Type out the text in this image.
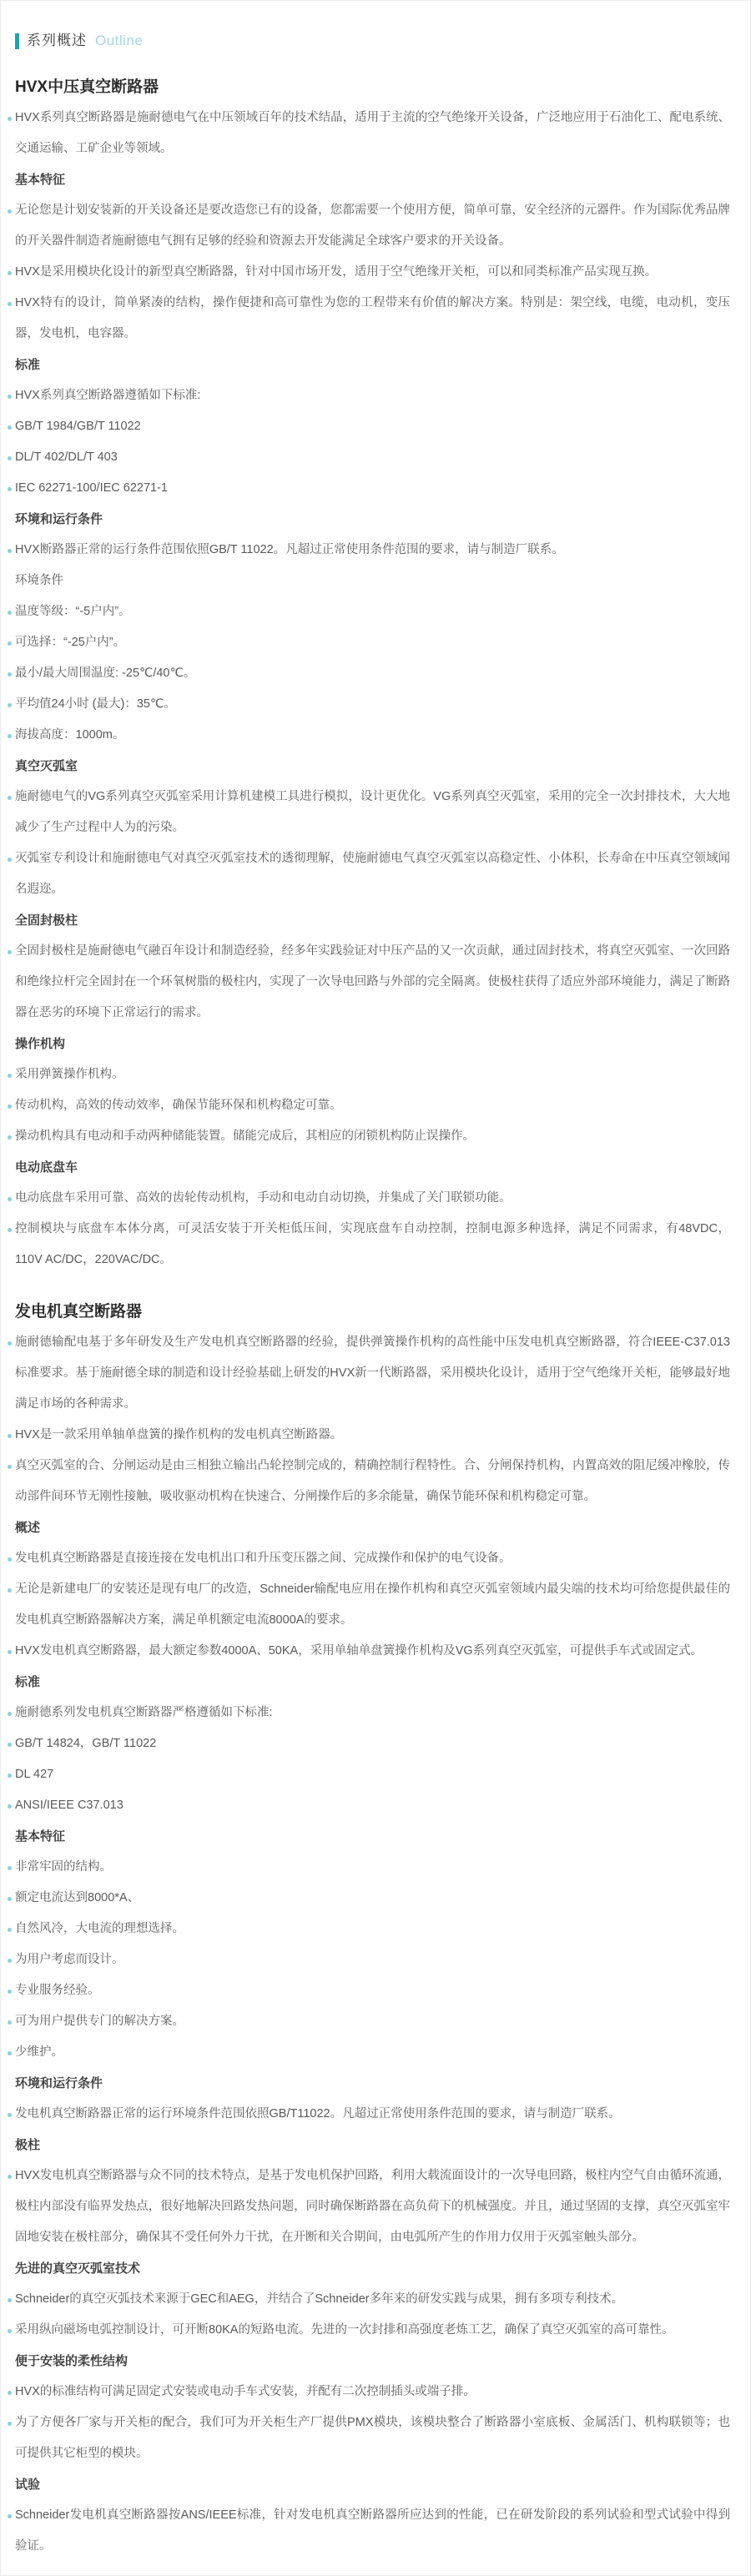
系列概述 Outline

HVX中压真空断路器

HVX系列真空断路器是施耐德电气在中压领域百年的技术结晶，适用于主流的空气绝缘开关设备，广泛地应用于石油化工、配电系统、交通运输、工矿企业等领域。

基本特征

无论您是计划安装新的开关设备还是要改造您已有的设备，您都需要一个使用方便，简单可靠，安全经济的元器件。作为国际优秀品牌的开关器件制造者施耐德电气拥有足够的经验和资源去开发能满足全球客户要求的开关设备。

HVX是采用模块化设计的新型真空断路器，针对中国市场开发，适用于空气绝缘开关柜，可以和同类标准产品实现互换。

HVX特有的设计，简单紧凑的结构，操作便捷和高可靠性为您的工程带来有价值的解决方案。特别是：架空线，电缆，电动机，变压器，发电机，电容器。

标准

HVX系列真空断路器遵循如下标准:

GB/T 1984/GB/T 11022

DL/T 402/DL/T 403

IEC 62271-100/IEC 62271-1

环境和运行条件

HVX断路器正常的运行条件范围依照GB/T 11022。凡超过正常使用条件范围的要求，请与制造厂联系。

环境条件

温度等级：“-5户内”。

可选择：“-25户内”。

最小/最大周围温度: -25℃/40℃。

平均值24小时 (最大)：35℃。

海拔高度：1000m。

真空灭弧室

施耐德电气的VG系列真空灭弧室采用计算机建模工具进行模拟，设计更优化。VG系列真空灭弧室，采用的完全一次封排技术，大大地减少了生产过程中人为的污染。

灭弧室专利设计和施耐德电气对真空灭弧室技术的透彻理解，使施耐德电气真空灭弧室以高稳定性、小体积，长寿命在中压真空领域闻名遐迩。

全固封极柱

全固封极柱是施耐德电气融百年设计和制造经验，经多年实践验证对中压产品的又一次贡献，通过固封技术，将真空灭弧室、一次回路和绝缘拉杆完全固封在一个环氧树脂的极柱内，实现了一次导电回路与外部的完全隔离。使极柱获得了适应外部环境能力，满足了断路器在恶劣的环境下正常运行的需求。

操作机构

采用弹簧操作机构。

传动机构，高效的传动效率，确保节能环保和机构稳定可靠。

操动机构具有电动和手动两种储能装置。储能完成后，其相应的闭锁机构防止误操作。

电动底盘车

电动底盘车采用可靠、高效的齿轮传动机构，手动和电动自动切换，并集成了关门联锁功能。

控制模块与底盘车本体分离，可灵活安装于开关柜低压间，实现底盘车自动控制，控制电源多种选择，满足不同需求，有48VDC，110V AC/DC，220VAC/DC。

发电机真空断路器

施耐德输配电基于多年研发及生产发电机真空断路器的经验，提供弹簧操作机构的高性能中压发电机真空断路器，符合IEEE-C37.013标准要求。基于施耐德全球的制造和设计经验基础上研发的HVX新一代断路器，采用模块化设计，适用于空气绝缘开关柜，能够最好地满足市场的各种需求。

HVX是一款采用单轴单盘簧的操作机构的发电机真空断路器。

真空灭弧室的合、分闸运动是由三相独立输出凸轮控制完成的，精确控制行程特性。合、分闸保持机构，内置高效的阻尼缓冲橡胶，传动部件间环节无刚性接触，吸收驱动机构在快速合、分闸操作后的多余能量，确保节能环保和机构稳定可靠。

概述

发电机真空断路器是直接连接在发电机出口和升压变压器之间、完成操作和保护的电气设备。

无论是新建电厂的安装还是现有电厂的改造，Schneider输配电应用在操作机构和真空灭弧室领域内最尖端的技术均可给您提供最佳的发电机真空断路器解决方案，满足单机额定电流8000A的要求。

HVX发电机真空断路器，最大额定参数4000A、50KA，采用单轴单盘簧操作机构及VG系列真空灭弧室，可提供手车式或固定式。

标准

施耐德系列发电机真空断路器严格遵循如下标准:

GB/T 14824，GB/T 11022

DL 427

ANSI/IEEE C37.013

基本特征

非常牢固的结构。

额定电流达到8000*A、

自然风冷，大电流的理想选择。

为用户考虑而设计。

专业服务经验。

可为用户提供专门的解决方案。

少维护。

环境和运行条件

发电机真空断路器正常的运行环境条件范围依照GB/T11022。凡超过正常使用条件范围的要求，请与制造厂联系。

极柱

HVX发电机真空断路器与众不同的技术特点，是基于发电机保护回路，利用大载流面设计的一次导电回路，极柱内空气自由循环流通，极柱内部没有临界发热点，很好地解决回路发热问题，同时确保断路器在高负荷下的机械强度。并且，通过坚固的支撑，真空灭弧室牢固地安装在极柱部分，确保其不受任何外力干扰，在开断和关合期间，由电弧所产生的作用力仅用于灭弧室触头部分。

先进的真空灭弧室技术

Schneider的真空灭弧技术来源于GEC和AEG，并结合了Schneider多年来的研发实践与成果，拥有多项专利技术。

采用纵向磁场电弧控制设计，可开断80KA的短路电流。先进的一次封排和高强度老炼工艺，确保了真空灭弧室的高可靠性。

便于安装的柔性结构

HVX的标准结构可满足固定式安装或电动手车式安装，并配有二次控制插头或端子排。

为了方便各厂家与开关柜的配合，我们可为开关柜生产厂提供PMX模块，该模块整合了断路器小室底板、金属活门、机构联锁等；也可提供其它柜型的模块。

试验

Schneider发电机真空断路器按ANS/IEEE标准，针对发电机真空断路器所应达到的性能，已在研发阶段的系列试验和型式试验中得到验证。
